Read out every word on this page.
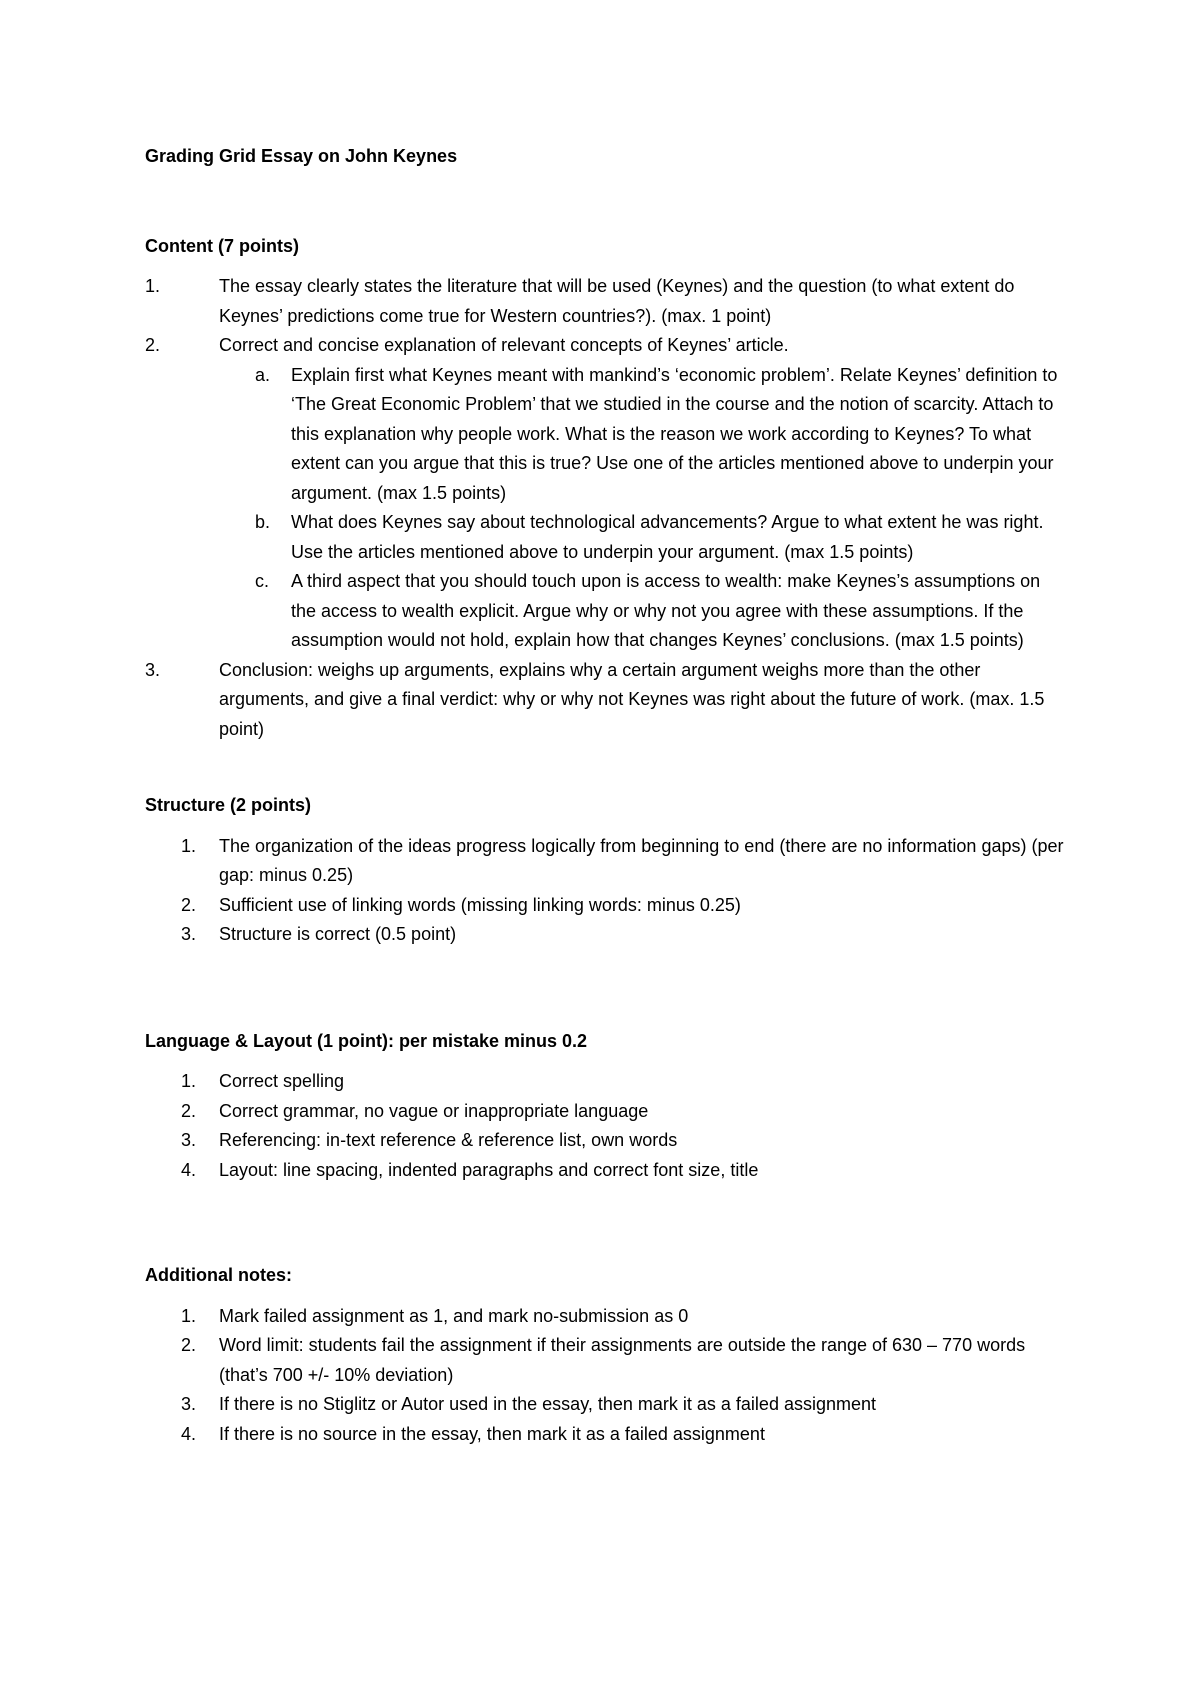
Grading Grid Essay on John Keynes
Content (7 points)
1.	The essay clearly states the literature that will be used (Keynes) and the question (to what extent do Keynes’ predictions come true for Western countries?). (max. 1 point)
2.	Correct and concise explanation of relevant concepts of Keynes’ article.
a. Explain first what Keynes meant with mankind’s ‘economic problem’. Relate Keynes’ definition to ‘The Great Economic Problem’ that we studied in the course and the notion of scarcity. Attach to this explanation why people work. What is the reason we work according to Keynes? To what extent can you argue that this is true? Use one of the articles mentioned above to underpin your argument. (max 1.5 points)
b. What does Keynes say about technological advancements? Argue to what extent he was right. Use the articles mentioned above to underpin your argument. (max 1.5 points)
c. A third aspect that you should touch upon is access to wealth: make Keynes’s assumptions on the access to wealth explicit. Argue why or why not you agree with these assumptions. If the assumption would not hold, explain how that changes Keynes’ conclusions. (max 1.5 points)
3.	Conclusion: weighs up arguments, explains why a certain argument weighs more than the other arguments, and give a final verdict: why or why not Keynes was right about the future of work. (max. 1.5 point)
Structure (2 points)
1. The organization of the ideas progress logically from beginning to end (there are no information gaps) (per gap: minus 0.25)
2. Sufficient use of linking words (missing linking words: minus 0.25)
3. Structure is correct (0.5 point)
Language & Layout (1 point): per mistake minus 0.2
1. Correct spelling
2. Correct grammar, no vague or inappropriate language
3. Referencing: in-text reference & reference list, own words
4. Layout: line spacing, indented paragraphs and correct font size, title
Additional notes:
1. Mark failed assignment as 1, and mark no-submission as 0
2. Word limit: students fail the assignment if their assignments are outside the range of 630 – 770 words (that’s 700 +/- 10% deviation)
3. If there is no Stiglitz or Autor used in the essay, then mark it as a failed assignment
4. If there is no source in the essay, then mark it as a failed assignment
